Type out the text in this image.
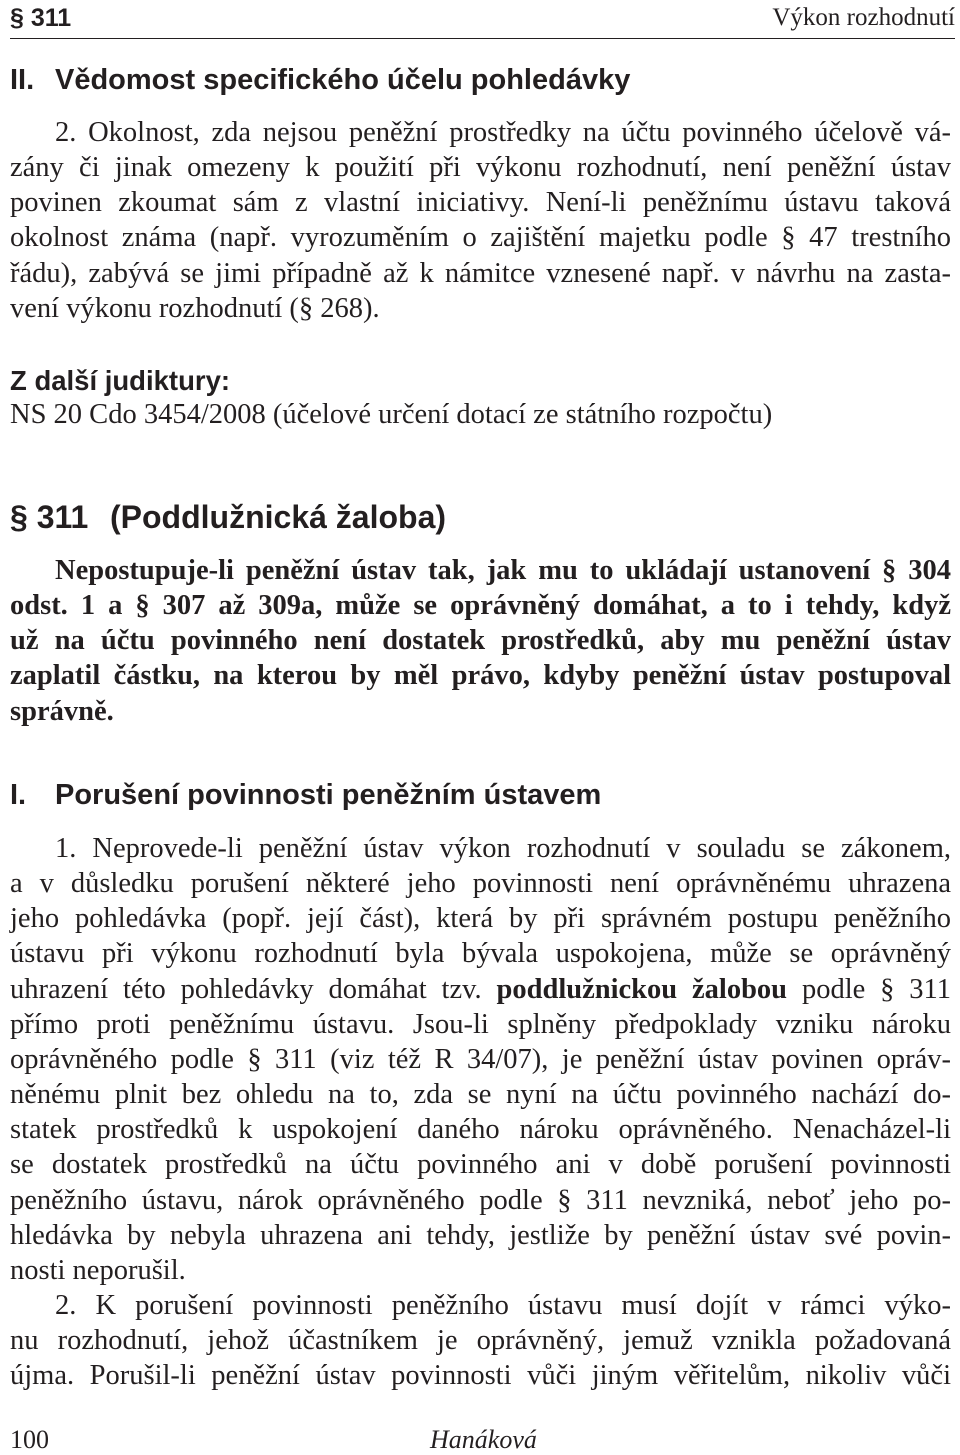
§ 311	Výkon rozhodnutí
II. Vědomost specifického účelu pohledávky
2. Okolnost, zda nejsou peněžní prostředky na účtu povinného účelově vá-
zány či jinak omezeny k použití při výkonu rozhodnutí, není peněžní ústav
povinen zkoumat sám z vlastní iniciativy. Není-li peněžnímu ústavu taková
okolnost známa (např. vyrozuměním o zajištění majetku podle § 47 trestního
řádu), zabývá se jimi případně až k námitce vznesené např. v návrhu na zasta-
vení výkonu rozhodnutí (§ 268).
Z další judiktury:
NS 20 Cdo 3454/2008 (účelové určení dotací ze státního rozpočtu)
§ 311 (Poddlužnická žaloba)
Nepostupuje-li peněžní ústav tak, jak mu to ukládají ustanovení § 304
odst. 1 a § 307 až 309a, může se oprávněný domáhat, a to i tehdy, když
už na účtu povinného není dostatek prostředků, aby mu peněžní ústav
zaplatil částku, na kterou by měl právo, kdyby peněžní ústav postupoval
správně.
I. Porušení povinnosti peněžním ústavem
1. Neprovede-li peněžní ústav výkon rozhodnutí v souladu se zákonem,
a v důsledku porušení některé jeho povinnosti není oprávněnému uhrazena
jeho pohledávka (popř. její část), která by při správném postupu peněžního
ústavu při výkonu rozhodnutí byla bývala uspokojena, může se oprávněný
uhrazení této pohledávky domáhat tzv. poddlužnickou žalobou podle § 311
přímo proti peněžnímu ústavu. Jsou-li splněny předpoklady vzniku nároku
oprávněného podle § 311 (viz též R 34/07), je peněžní ústav povinen opráv-
něnému plnit bez ohledu na to, zda se nyní na účtu povinného nachází do-
statek prostředků k uspokojení daného nároku oprávněného. Nenacházel-li
se dostatek prostředků na účtu povinného ani v době porušení povinnosti
peněžního ústavu, nárok oprávněného podle § 311 nevzniká, neboť jeho po-
hledávka by nebyla uhrazena ani tehdy, jestliže by peněžní ústav své povin-
nosti neporušil.
2. K porušení povinnosti peněžního ústavu musí dojít v rámci výko-
nu rozhodnutí, jehož účastníkem je oprávněný, jemuž vznikla požadovaná
újma. Porušil-li peněžní ústav povinnosti vůči jiným věřitelům, nikoliv vůči
100	Hanáková
